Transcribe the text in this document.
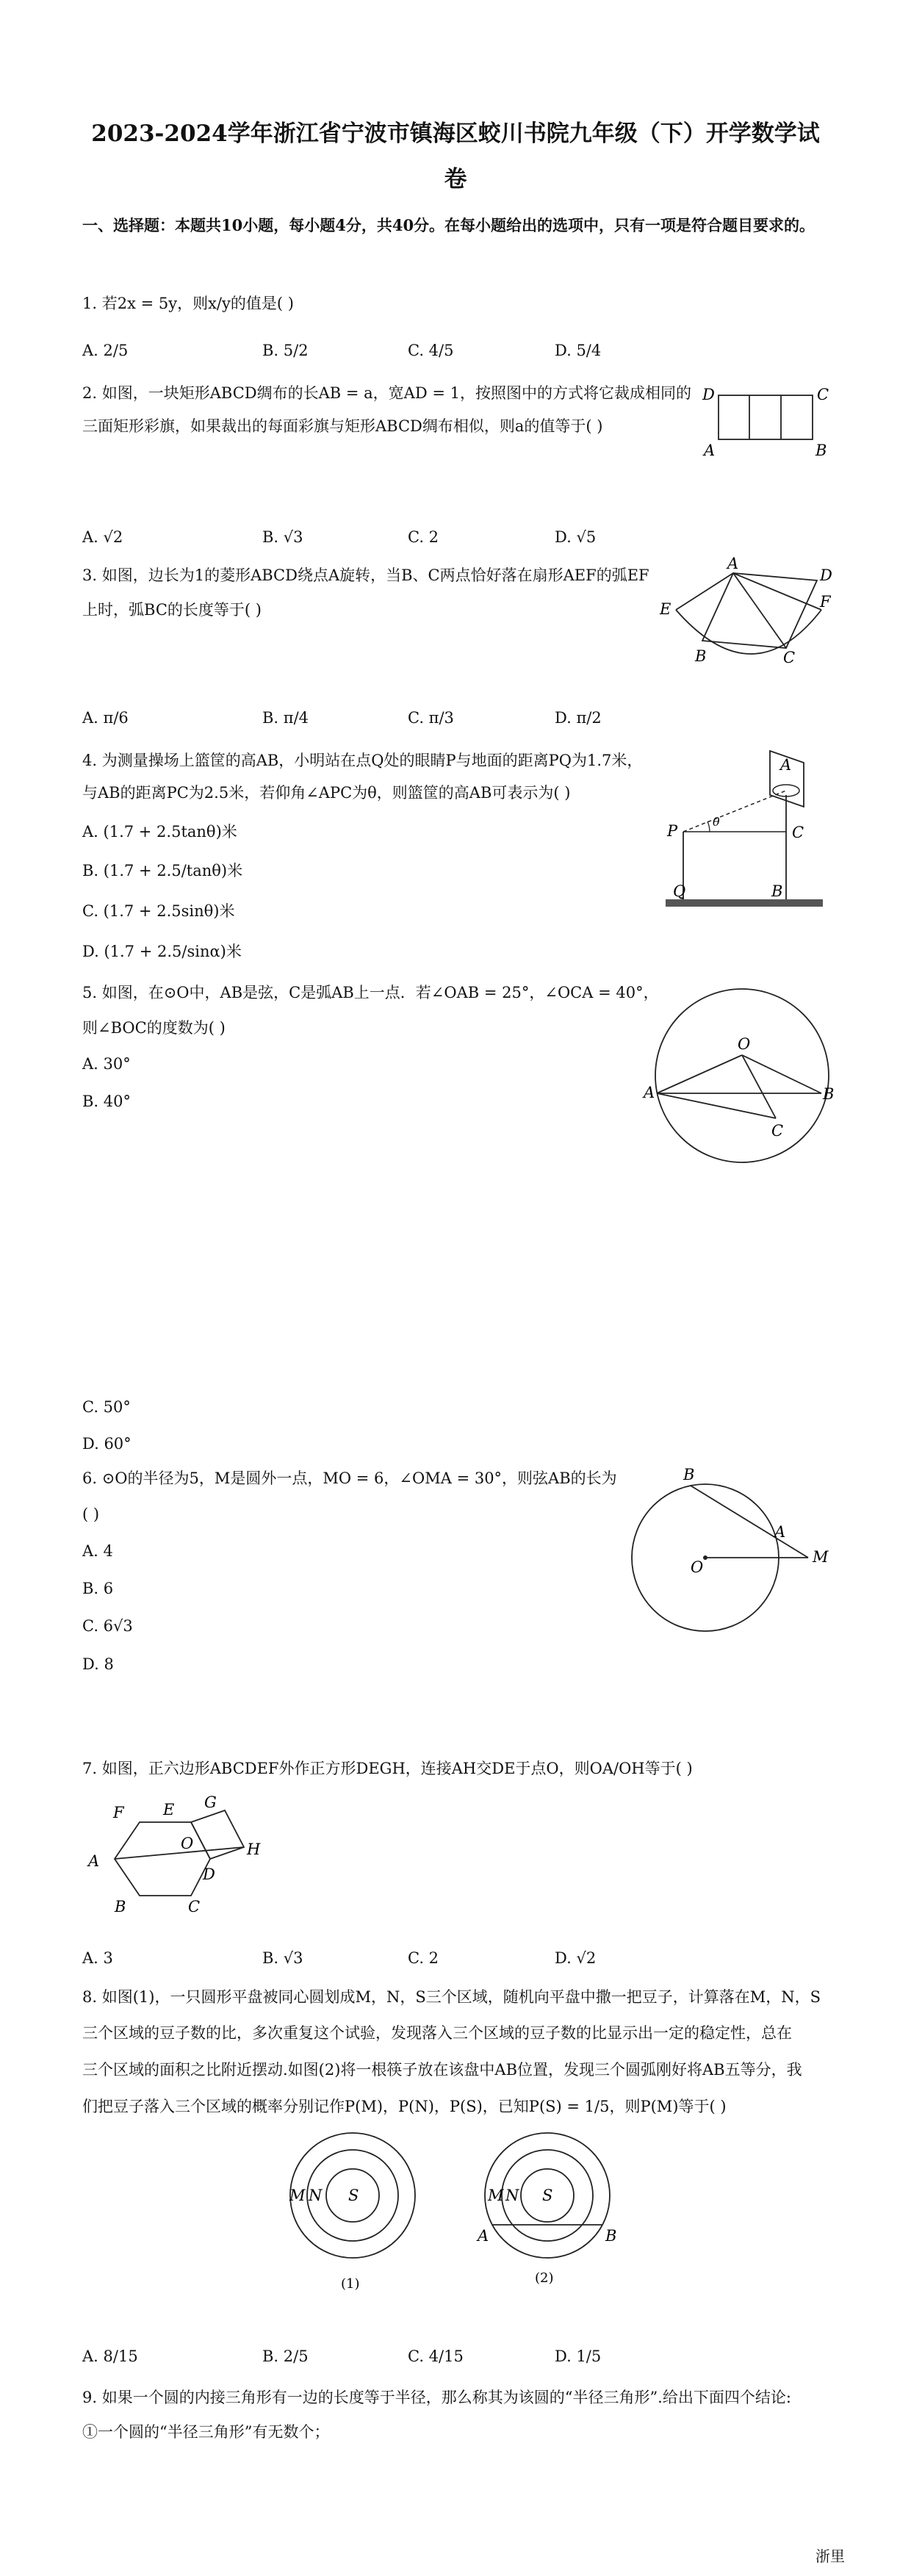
2023-2024学年浙江省宁波市镇海区蛟川书院九年级（下）开学数学试
卷
一、选择题：本题共10小题，每小题4分，共40分。在每小题给出的选项中，只有一项是符合题目要求的。
1. 若2x = 5y，则x/y的值是( )
A. 2/5	B. 5/2	C. 4/5	D. 5/4
2. 如图，一块矩形ABCD绸布的长AB = a，宽AD = 1，按照图中的方式将它裁成相同的
三面矩形彩旗，如果裁出的每面彩旗与矩形ABCD绸布相似，则a的值等于( )
D	C
A	B
A. √2	B. √3	C. 2	D. √5
3. 如图，边长为1的菱形ABCD绕点A旋转，当B、C两点恰好落在扇形AEF的弧EF
上时，弧BC的长度等于( )
A
D
E	F
B	C
A. π/6	B. π/4	C. π/3	D. π/2
4. 为测量操场上篮筐的高AB，小明站在点Q处的眼睛P与地面的距离PQ为1.7米，
与AB的距离PC为2.5米，若仰角∠APC为θ，则篮筐的高AB可表示为( )
A. (1.7 + 2.5tanθ)米
B. (1.7 + 2.5/tanθ)米
C. (1.7 + 2.5sinθ)米
D. (1.7 + 2.5/sinα)米
A
P
θ
C
Q	B
5. 如图，在⊙O中，AB是弦，C是弧AB上一点．若∠OAB = 25°，∠OCA = 40°，
则∠BOC的度数为( )
A. 30°
B. 40°
O
A	B
C
C. 50°
D. 60°
6. ⊙O的半径为5，M是圆外一点，MO = 6，∠OMA = 30°，则弦AB的长为
( )
A. 4
B. 6
C. 6√3
D. 8
B
A
O
M
7. 如图，正六边形ABCDEF外作正方形DEGH，连接AH交DE于点O，则OA/OH等于( )
F	E G
O	H
A
D
B	C
A. 3	B. √3	C. 2	D. √2
8. 如图(1)，一只圆形平盘被同心圆划成M，N，S三个区域，随机向平盘中撒一把豆子，计算落在M，N，S
三个区域的豆子数的比，多次重复这个试验，发现落入三个区域的豆子数的比显示出一定的稳定性，总在
三个区域的面积之比附近摆动.如图(2)将一根筷子放在该盘中AB位置，发现三个圆弧刚好将AB五等分，我
们把豆子落入三个区域的概率分别记作P(M)，P(N)，P(S)，已知P(S) = 1/5，则P(M)等于( )
M N S
(1)
M N S
A	B
(2)
A. 8/15	B. 2/5	C. 4/15	D. 1/5
9. 如果一个圆的内接三角形有一边的长度等于半径，那么称其为该圆的“半径三角形”.给出下面四个结论:
①一个圆的“半径三角形”有无数个；
浙里
